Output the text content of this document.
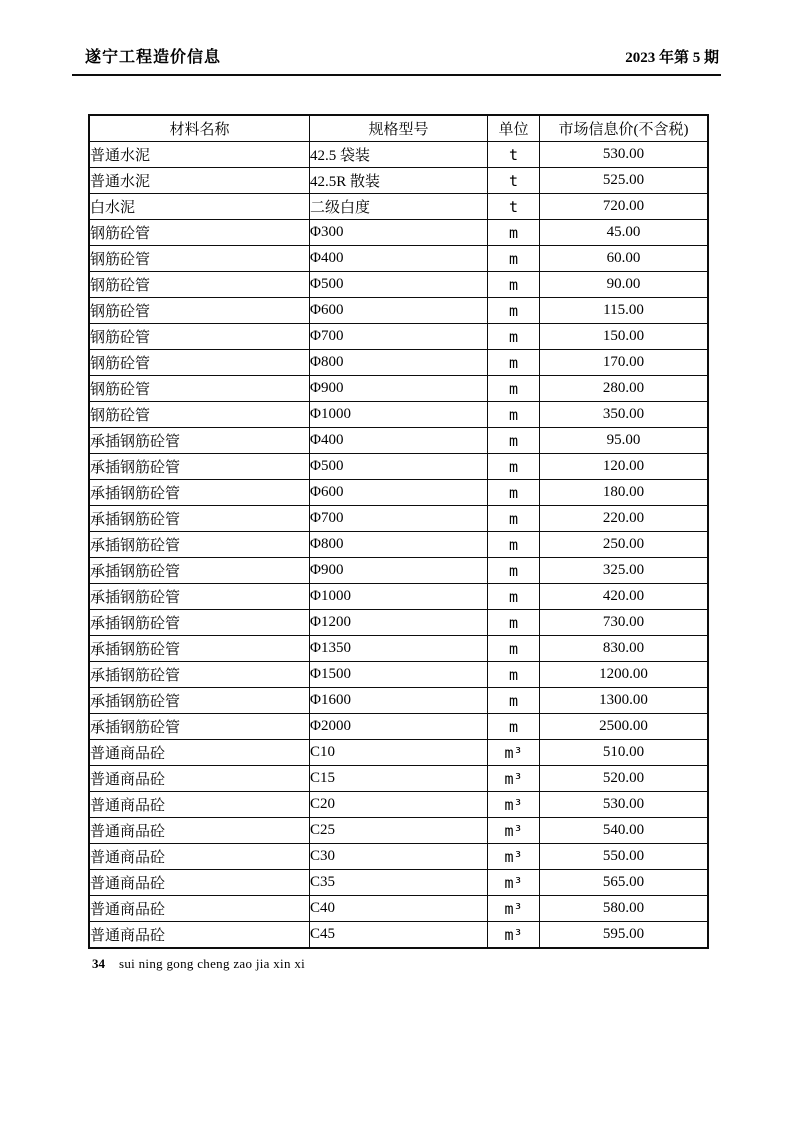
遂宁工程造价信息	2023 年第 5 期
材料名称	规格型号	单位	市场信息价(不含税)
普通水泥	42.5 袋装	t	530.00
普通水泥	42.5R 散装	t	525.00
白水泥	二级白度	t	720.00
钢筋砼管	Φ300	m	45.00
钢筋砼管	Φ400	m	60.00
钢筋砼管	Φ500	m	90.00
钢筋砼管	Φ600	m	115.00
钢筋砼管	Φ700	m	150.00
钢筋砼管	Φ800	m	170.00
钢筋砼管	Φ900	m	280.00
钢筋砼管	Φ1000	m	350.00
承插钢筋砼管	Φ400	m	95.00
承插钢筋砼管	Φ500	m	120.00
承插钢筋砼管	Φ600	m	180.00
承插钢筋砼管	Φ700	m	220.00
承插钢筋砼管	Φ800	m	250.00
承插钢筋砼管	Φ900	m	325.00
承插钢筋砼管	Φ1000	m	420.00
承插钢筋砼管	Φ1200	m	730.00
承插钢筋砼管	Φ1350	m	830.00
承插钢筋砼管	Φ1500	m	1200.00
承插钢筋砼管	Φ1600	m	1300.00
承插钢筋砼管	Φ2000	m	2500.00
普通商品砼	C10	m³	510.00
普通商品砼	C15	m³	520.00
普通商品砼	C20	m³	530.00
普通商品砼	C25	m³	540.00
普通商品砼	C30	m³	550.00
普通商品砼	C35	m³	565.00
普通商品砼	C40	m³	580.00
普通商品砼	C45	m³	595.00
34 sui ning gong cheng zao jia xin xi
